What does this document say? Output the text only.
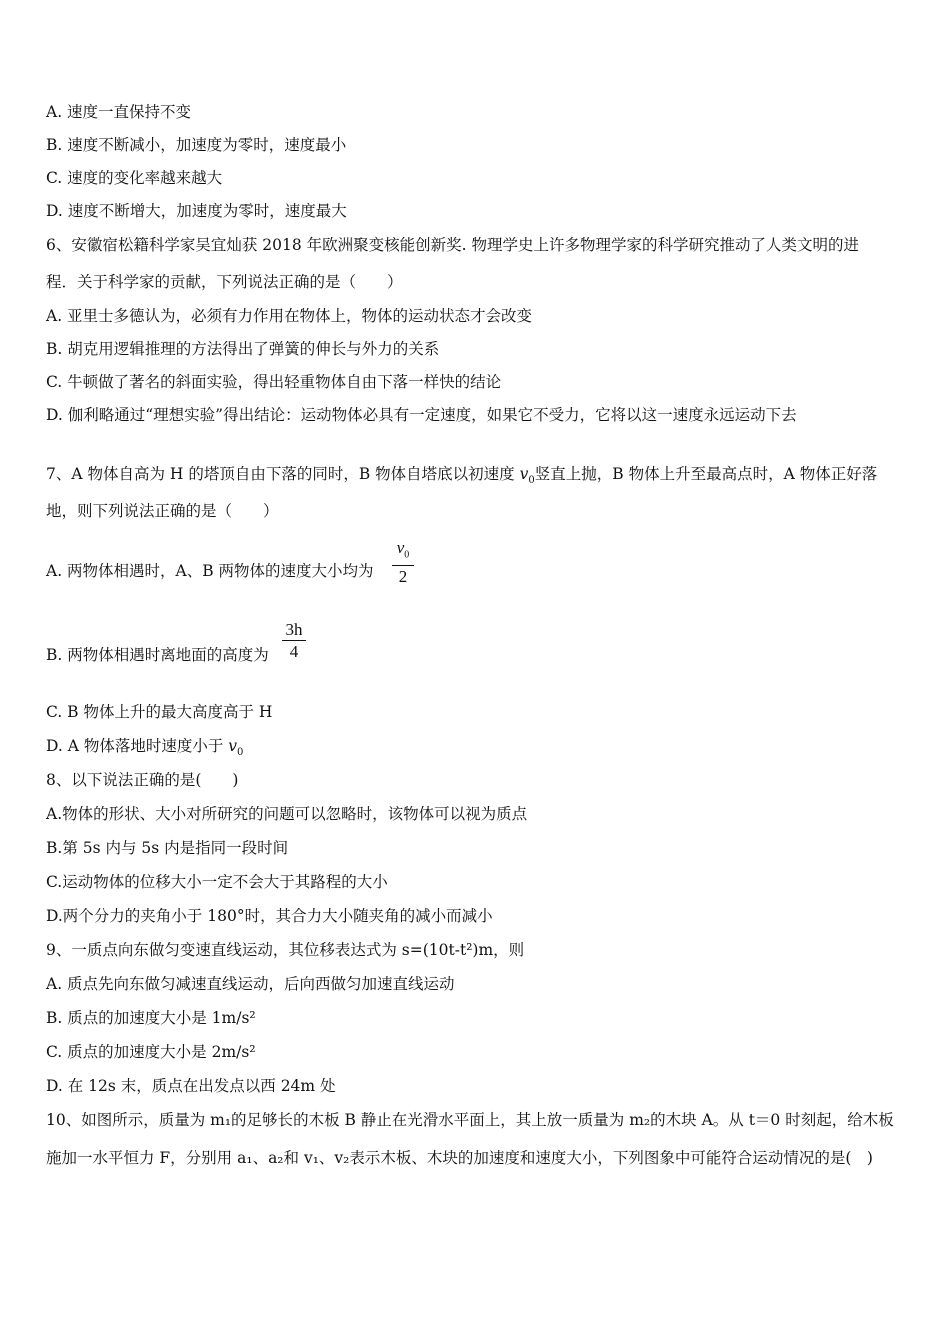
A. 速度一直保持不变
B. 速度不断减小，加速度为零时，速度最小
C. 速度的变化率越来越大
D. 速度不断增大，加速度为零时，速度最大
6、安徽宿松籍科学家吴宜灿获 2018 年欧洲聚变核能创新奖. 物理学史上许多物理学家的科学研究推动了人类文明的进
程．关于科学家的贡献，下列说法正确的是（　　）
A. 亚里士多德认为，必须有力作用在物体上，物体的运动状态才会改变
B. 胡克用逻辑推理的方法得出了弹簧的伸长与外力的关系
C. 牛顿做了著名的斜面实验，得出轻重物体自由下落一样快的结论
D. 伽利略通过“理想实验”得出结论：运动物体必具有一定速度，如果它不受力，它将以这一速度永远运动下去
7、A 物体自高为 H 的塔顶自由下落的同时，B 物体自塔底以初速度 $v_0$竖直上抛，B 物体上升至最高点时，A 物体正好落
地，则下列说法正确的是（　　）
A. 两物体相遇时，A、B 两物体的速度大小均为
$v_0$
2
B. 两物体相遇时离地面的高度为
3h
4
C. B 物体上升的最大高度高于 H
D. A 物体落地时速度小于 $v_0$
8、以下说法正确的是(　　)
A.物体的形状、大小对所研究的问题可以忽略时，该物体可以视为质点
B.第 5s 内与 5s 内是指同一段时间
C.运动物体的位移大小一定不会大于其路程的大小
D.两个分力的夹角小于 180°时，其合力大小随夹角的减小而减小
9、一质点向东做匀变速直线运动，其位移表达式为 s=(10t-t²)m，则
A. 质点先向东做匀减速直线运动，后向西做匀加速直线运动
B. 质点的加速度大小是 1m/s²
C. 质点的加速度大小是 2m/s²
D. 在 12s 末，质点在出发点以西 24m 处
10、如图所示，质量为 m₁的足够长的木板 B 静止在光滑水平面上，其上放一质量为 m₂的木块 A。从 t＝0 时刻起，给木板
施加一水平恒力 F，分别用 a₁、a₂和 v₁、v₂表示木板、木块的加速度和速度大小，下列图象中可能符合运动情况的是(　)
